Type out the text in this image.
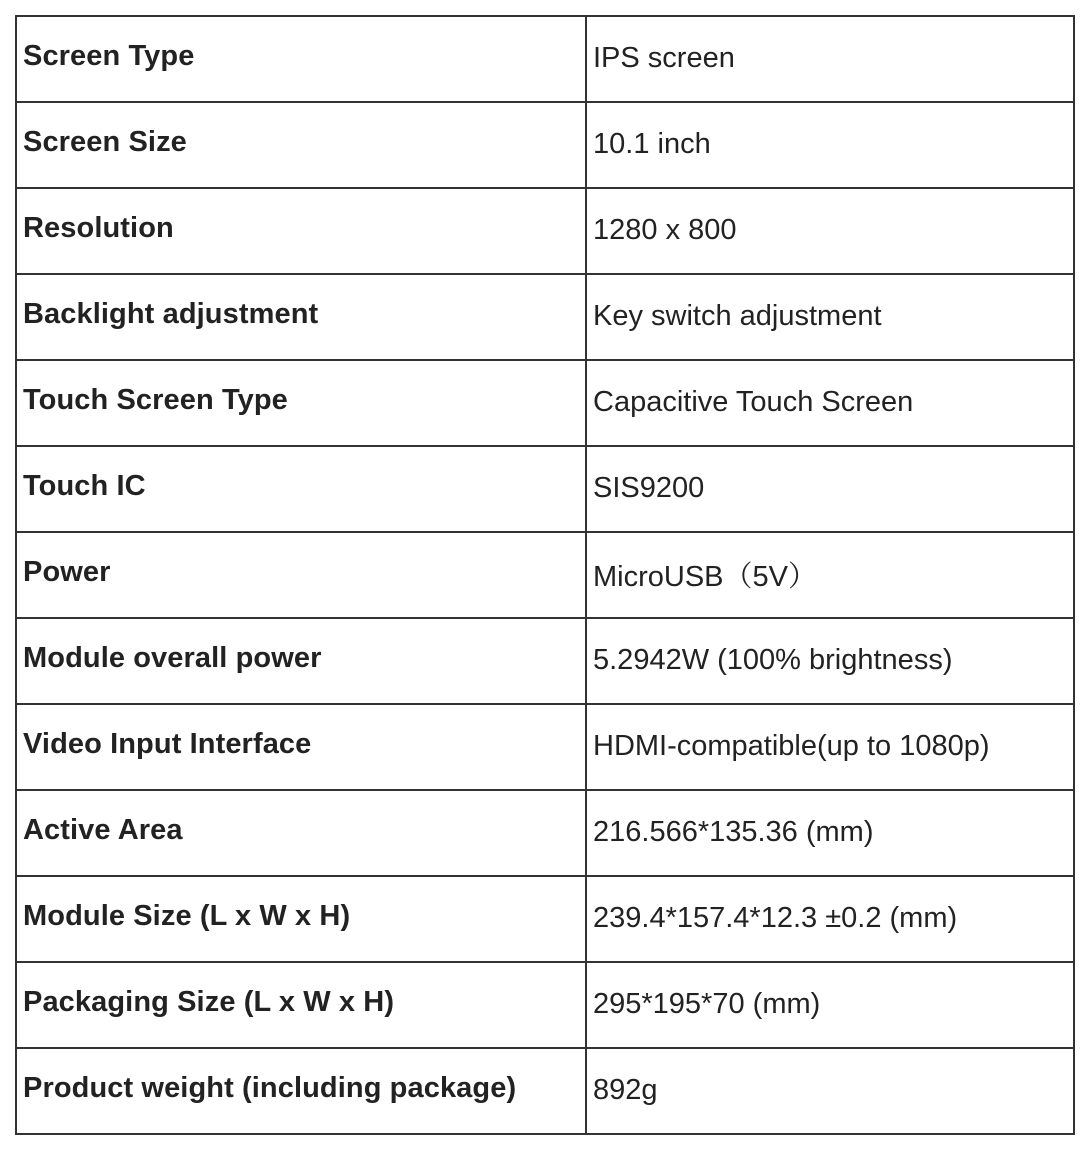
Screen Type	IPS screen
Screen Size	10.1 inch
Resolution	1280 x 800
Backlight adjustment	Key switch adjustment
Touch Screen Type	Capacitive Touch Screen
Touch IC	SIS9200
Power	MicroUSB（5V）
Module overall power	5.2942W (100% brightness)
Video Input Interface	HDMI-compatible(up to 1080p)
Active Area	216.566*135.36 (mm)
Module Size (L x W x H)	239.4*157.4*12.3 ±0.2 (mm)
Packaging Size (L x W x H)	295*195*70 (mm)
Product weight (including package)	892g
